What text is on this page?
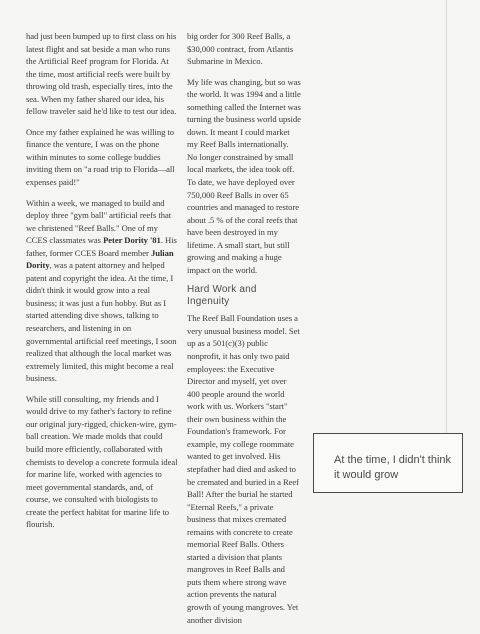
had just been bumped up to first class on his latest flight and sat beside a man who runs the Artificial Reef program for Florida. At the time, most artificial reefs were built by throwing old trash, especially tires, into the sea. When my father shared our idea, his fellow traveler said he'd like to test our idea.

Once my father explained he was willing to finance the venture, I was on the phone within minutes to some college buddies inviting them on "a road trip to Florida—all expenses paid!"

Within a week, we managed to build and deploy three "gym ball" artificial reefs that we christened "Reef Balls." One of my CCES classmates was Peter Dority '81. His father, former CCES Board member Julian Dority, was a patent attorney and helped patent and copyright the idea. At the time, I didn't think it would grow into a real business; it was just a fun hobby. But as I started attending dive shows, talking to researchers, and listening in on governmental artificial reef meetings, I soon realized that although the local market was extremely limited, this might become a real business.

While still consulting, my friends and I would drive to my father's factory to refine our original jury-rigged, chicken-wire, gym-ball creation. We made molds that could build more efficiently, collaborated with chemists to develop a concrete formula ideal for marine life, worked with agencies to meet governmental standards, and, of course, we consulted with biologists to create the perfect habitat for marine life to flourish.

big order for 300 Reef Balls, a $30,000 contract, from Atlantis Submarine in Mexico.

My life was changing, but so was the world. It was 1994 and a little something called the Internet was turning the business world upside down. It meant I could market my Reef Balls internationally. No longer constrained by small local markets, the idea took off. To date, we have deployed over 750,000 Reef Balls in over 65 countries and managed to restore about .5 % of the coral reefs that have been destroyed in my lifetime. A small start, but still growing and making a huge impact on the world.

Hard Work and Ingenuity

The Reef Ball Foundation uses a very unusual business model. Set up as a 501(c)(3) public nonprofit, it has only two paid employees: the Executive Director and myself, yet over 400 people around the world work with us. Workers "start" their own business within the Foundation's framework. For example, my college roommate wanted to get involved. His stepfather had died and asked to be cremated and buried in a Reef Ball! After the burial he started "Eternal Reefs," a private business that mixes cremated remains with concrete to create memorial Reef Balls. Others started a division that plants mangroves in Reef Balls and puts them where strong wave action prevents the natural growth of young mangroves. Yet another division

At the time, I didn't think it would grow
